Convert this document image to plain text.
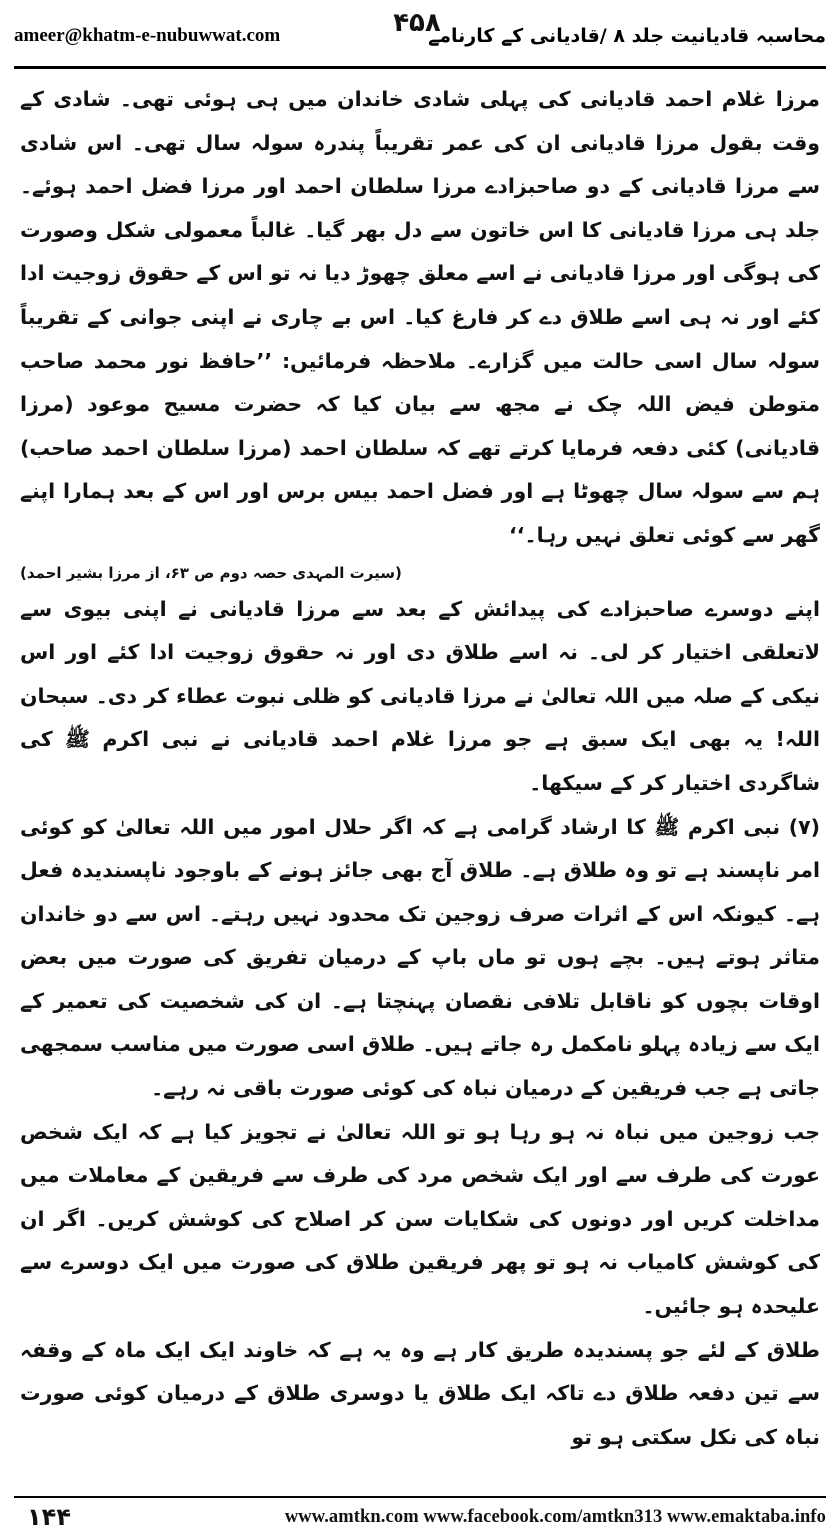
ameer@khatm-e-nubuwwat.com	محاسبہ قادیانیت جلد ۸ /قادیانی کے کارنامے
۴۵۸

مرزا غلام احمد قادیانی کی پہلی شادی خاندان میں ہی ہوئی تھی۔ شادی کے وقت بقول مرزا قادیانی ان کی عمر تقریباً پندرہ سولہ سال تھی۔ اس شادی سے مرزا قادیانی کے دو صاحبزادے مرزا سلطان احمد اور مرزا فضل احمد ہوئے۔ جلد ہی مرزا قادیانی کا اس خاتون سے دل بھر گیا۔ غالباً معمولی شکل وصورت کی ہوگی اور مرزا قادیانی نے اسے معلق چھوڑ دیا نہ تو اس کے حقوق زوجیت ادا کئے اور نہ ہی اسے طلاق دے کر فارغ کیا۔ اس بے چاری نے اپنی جوانی کے تقریباً سولہ سال اسی حالت میں گزارے۔ ملاحظہ فرمائیں: ’’حافظ نور محمد صاحب متوطن فیض اللہ چک نے مجھ سے بیان کیا کہ حضرت مسیح موعود (مرزا قادیانی) کئی دفعہ فرمایا کرتے تھے کہ سلطان احمد (مرزا سلطان احمد صاحب) ہم سے سولہ سال چھوٹا ہے اور فضل احمد بیس برس اور اس کے بعد ہمارا اپنے گھر سے کوئی تعلق نہیں رہا۔‘‘

(سیرت المہدی حصہ دوم ص ۶۳، از مرزا بشیر احمد)

اپنے دوسرے صاحبزادے کی پیدائش کے بعد سے مرزا قادیانی نے اپنی بیوی سے لاتعلقی اختیار کر لی۔ نہ اسے طلاق دی اور نہ حقوق زوجیت ادا کئے اور اس نیکی کے صلہ میں اللہ تعالیٰ نے مرزا قادیانی کو ظلی نبوت عطاء کر دی۔ سبحان اللہ! یہ بھی ایک سبق ہے جو مرزا غلام احمد قادیانی نے نبی اکرم ﷺ کی شاگردی اختیار کر کے سیکھا۔

(۷) نبی اکرم ﷺ کا ارشاد گرامی ہے کہ اگر حلال امور میں اللہ تعالیٰ کو کوئی امر ناپسند ہے تو وہ طلاق ہے۔ طلاق آج بھی جائز ہونے کے باوجود ناپسندیدہ فعل ہے۔ کیونکہ اس کے اثرات صرف زوجین تک محدود نہیں رہتے۔ اس سے دو خاندان متاثر ہوتے ہیں۔ بچے ہوں تو ماں باپ کے درمیان تفریق کی صورت میں بعض اوقات بچوں کو ناقابل تلافی نقصان پہنچتا ہے۔ ان کی شخصیت کی تعمیر کے ایک سے زیادہ پہلو نامکمل رہ جاتے ہیں۔ طلاق اسی صورت میں مناسب سمجھی جاتی ہے جب فریقین کے درمیان نباہ کی کوئی صورت باقی نہ رہے۔

جب زوجین میں نباہ نہ ہو رہا ہو تو اللہ تعالیٰ نے تجویز کیا ہے کہ ایک شخص عورت کی طرف سے اور ایک شخص مرد کی طرف سے فریقین کے معاملات میں مداخلت کریں اور دونوں کی شکایات سن کر اصلاح کی کوشش کریں۔ اگر ان کی کوشش کامیاب نہ ہو تو پھر فریقین طلاق کی صورت میں ایک دوسرے سے علیحدہ ہو جائیں۔

طلاق کے لئے جو پسندیدہ طریق کار ہے وہ یہ ہے کہ خاوند ایک ایک ماہ کے وقفہ سے تین دفعہ طلاق دے تاکہ ایک طلاق یا دوسری طلاق کے درمیان کوئی صورت نباہ کی نکل سکتی ہو تو

۱۴۴	www.amtkn.com www.facebook.com/amtkn313 www.emaktaba.info
